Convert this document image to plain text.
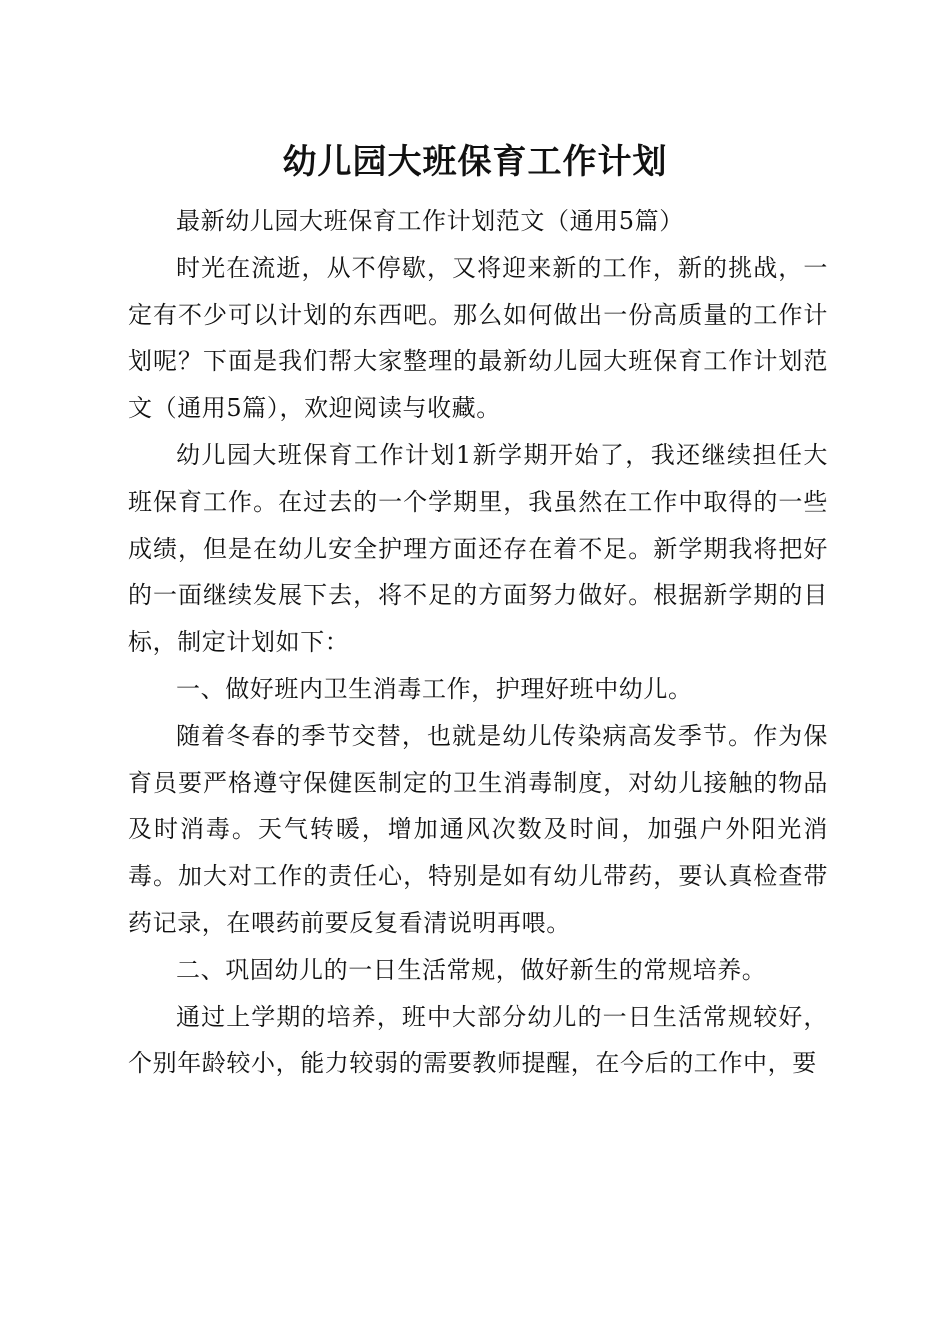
幼儿园大班保育工作计划

最新幼儿园大班保育工作计划范文（通用5篇）

时光在流逝，从不停歇，又将迎来新的工作，新的挑战，一定有不少可以计划的东西吧。那么如何做出一份高质量的工作计划呢？下面是我们帮大家整理的最新幼儿园大班保育工作计划范文（通用5篇），欢迎阅读与收藏。

幼儿园大班保育工作计划1新学期开始了，我还继续担任大班保育工作。在过去的一个学期里，我虽然在工作中取得的一些成绩，但是在幼儿安全护理方面还存在着不足。新学期我将把好的一面继续发展下去，将不足的方面努力做好。根据新学期的目标，制定计划如下：

一、做好班内卫生消毒工作，护理好班中幼儿。

随着冬春的季节交替，也就是幼儿传染病高发季节。作为保育员要严格遵守保健医制定的卫生消毒制度，对幼儿接触的物品及时消毒。天气转暖，增加通风次数及时间，加强户外阳光消毒。加大对工作的责任心，特别是如有幼儿带药，要认真检查带药记录，在喂药前要反复看清说明再喂。

二、巩固幼儿的一日生活常规，做好新生的常规培养。

通过上学期的培养，班中大部分幼儿的一日生活常规较好，个别年龄较小，能力较弱的需要教师提醒，在今后的工作中，要
